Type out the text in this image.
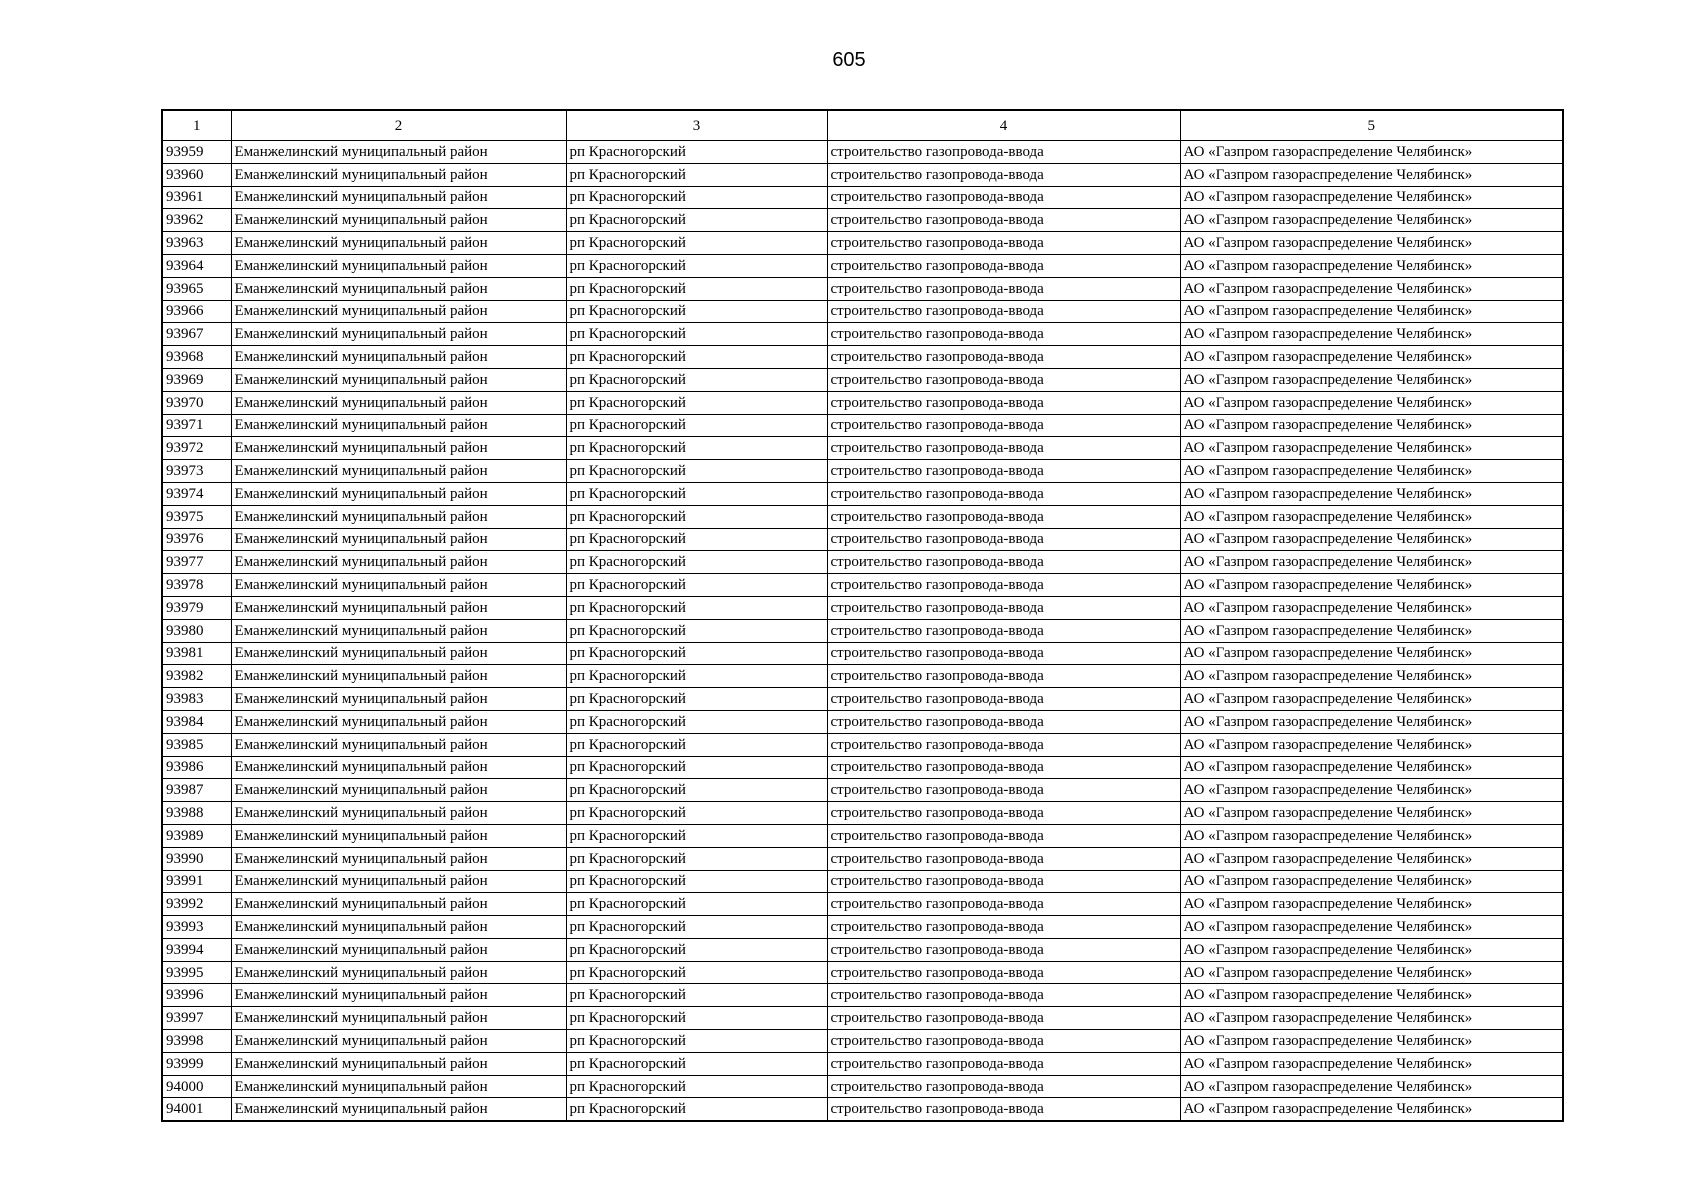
605
1	2	3	4	5
93959	Еманжелинский муниципальный район	рп Красногорский	строительство газопровода-ввода	АО «Газпром газораспределение Челябинск»
93960	Еманжелинский муниципальный район	рп Красногорский	строительство газопровода-ввода	АО «Газпром газораспределение Челябинск»
93961	Еманжелинский муниципальный район	рп Красногорский	строительство газопровода-ввода	АО «Газпром газораспределение Челябинск»
93962	Еманжелинский муниципальный район	рп Красногорский	строительство газопровода-ввода	АО «Газпром газораспределение Челябинск»
93963	Еманжелинский муниципальный район	рп Красногорский	строительство газопровода-ввода	АО «Газпром газораспределение Челябинск»
93964	Еманжелинский муниципальный район	рп Красногорский	строительство газопровода-ввода	АО «Газпром газораспределение Челябинск»
93965	Еманжелинский муниципальный район	рп Красногорский	строительство газопровода-ввода	АО «Газпром газораспределение Челябинск»
93966	Еманжелинский муниципальный район	рп Красногорский	строительство газопровода-ввода	АО «Газпром газораспределение Челябинск»
93967	Еманжелинский муниципальный район	рп Красногорский	строительство газопровода-ввода	АО «Газпром газораспределение Челябинск»
93968	Еманжелинский муниципальный район	рп Красногорский	строительство газопровода-ввода	АО «Газпром газораспределение Челябинск»
93969	Еманжелинский муниципальный район	рп Красногорский	строительство газопровода-ввода	АО «Газпром газораспределение Челябинск»
93970	Еманжелинский муниципальный район	рп Красногорский	строительство газопровода-ввода	АО «Газпром газораспределение Челябинск»
93971	Еманжелинский муниципальный район	рп Красногорский	строительство газопровода-ввода	АО «Газпром газораспределение Челябинск»
93972	Еманжелинский муниципальный район	рп Красногорский	строительство газопровода-ввода	АО «Газпром газораспределение Челябинск»
93973	Еманжелинский муниципальный район	рп Красногорский	строительство газопровода-ввода	АО «Газпром газораспределение Челябинск»
93974	Еманжелинский муниципальный район	рп Красногорский	строительство газопровода-ввода	АО «Газпром газораспределение Челябинск»
93975	Еманжелинский муниципальный район	рп Красногорский	строительство газопровода-ввода	АО «Газпром газораспределение Челябинск»
93976	Еманжелинский муниципальный район	рп Красногорский	строительство газопровода-ввода	АО «Газпром газораспределение Челябинск»
93977	Еманжелинский муниципальный район	рп Красногорский	строительство газопровода-ввода	АО «Газпром газораспределение Челябинск»
93978	Еманжелинский муниципальный район	рп Красногорский	строительство газопровода-ввода	АО «Газпром газораспределение Челябинск»
93979	Еманжелинский муниципальный район	рп Красногорский	строительство газопровода-ввода	АО «Газпром газораспределение Челябинск»
93980	Еманжелинский муниципальный район	рп Красногорский	строительство газопровода-ввода	АО «Газпром газораспределение Челябинск»
93981	Еманжелинский муниципальный район	рп Красногорский	строительство газопровода-ввода	АО «Газпром газораспределение Челябинск»
93982	Еманжелинский муниципальный район	рп Красногорский	строительство газопровода-ввода	АО «Газпром газораспределение Челябинск»
93983	Еманжелинский муниципальный район	рп Красногорский	строительство газопровода-ввода	АО «Газпром газораспределение Челябинск»
93984	Еманжелинский муниципальный район	рп Красногорский	строительство газопровода-ввода	АО «Газпром газораспределение Челябинск»
93985	Еманжелинский муниципальный район	рп Красногорский	строительство газопровода-ввода	АО «Газпром газораспределение Челябинск»
93986	Еманжелинский муниципальный район	рп Красногорский	строительство газопровода-ввода	АО «Газпром газораспределение Челябинск»
93987	Еманжелинский муниципальный район	рп Красногорский	строительство газопровода-ввода	АО «Газпром газораспределение Челябинск»
93988	Еманжелинский муниципальный район	рп Красногорский	строительство газопровода-ввода	АО «Газпром газораспределение Челябинск»
93989	Еманжелинский муниципальный район	рп Красногорский	строительство газопровода-ввода	АО «Газпром газораспределение Челябинск»
93990	Еманжелинский муниципальный район	рп Красногорский	строительство газопровода-ввода	АО «Газпром газораспределение Челябинск»
93991	Еманжелинский муниципальный район	рп Красногорский	строительство газопровода-ввода	АО «Газпром газораспределение Челябинск»
93992	Еманжелинский муниципальный район	рп Красногорский	строительство газопровода-ввода	АО «Газпром газораспределение Челябинск»
93993	Еманжелинский муниципальный район	рп Красногорский	строительство газопровода-ввода	АО «Газпром газораспределение Челябинск»
93994	Еманжелинский муниципальный район	рп Красногорский	строительство газопровода-ввода	АО «Газпром газораспределение Челябинск»
93995	Еманжелинский муниципальный район	рп Красногорский	строительство газопровода-ввода	АО «Газпром газораспределение Челябинск»
93996	Еманжелинский муниципальный район	рп Красногорский	строительство газопровода-ввода	АО «Газпром газораспределение Челябинск»
93997	Еманжелинский муниципальный район	рп Красногорский	строительство газопровода-ввода	АО «Газпром газораспределение Челябинск»
93998	Еманжелинский муниципальный район	рп Красногорский	строительство газопровода-ввода	АО «Газпром газораспределение Челябинск»
93999	Еманжелинский муниципальный район	рп Красногорский	строительство газопровода-ввода	АО «Газпром газораспределение Челябинск»
94000	Еманжелинский муниципальный район	рп Красногорский	строительство газопровода-ввода	АО «Газпром газораспределение Челябинск»
94001	Еманжелинский муниципальный район	рп Красногорский	строительство газопровода-ввода	АО «Газпром газораспределение Челябинск»
